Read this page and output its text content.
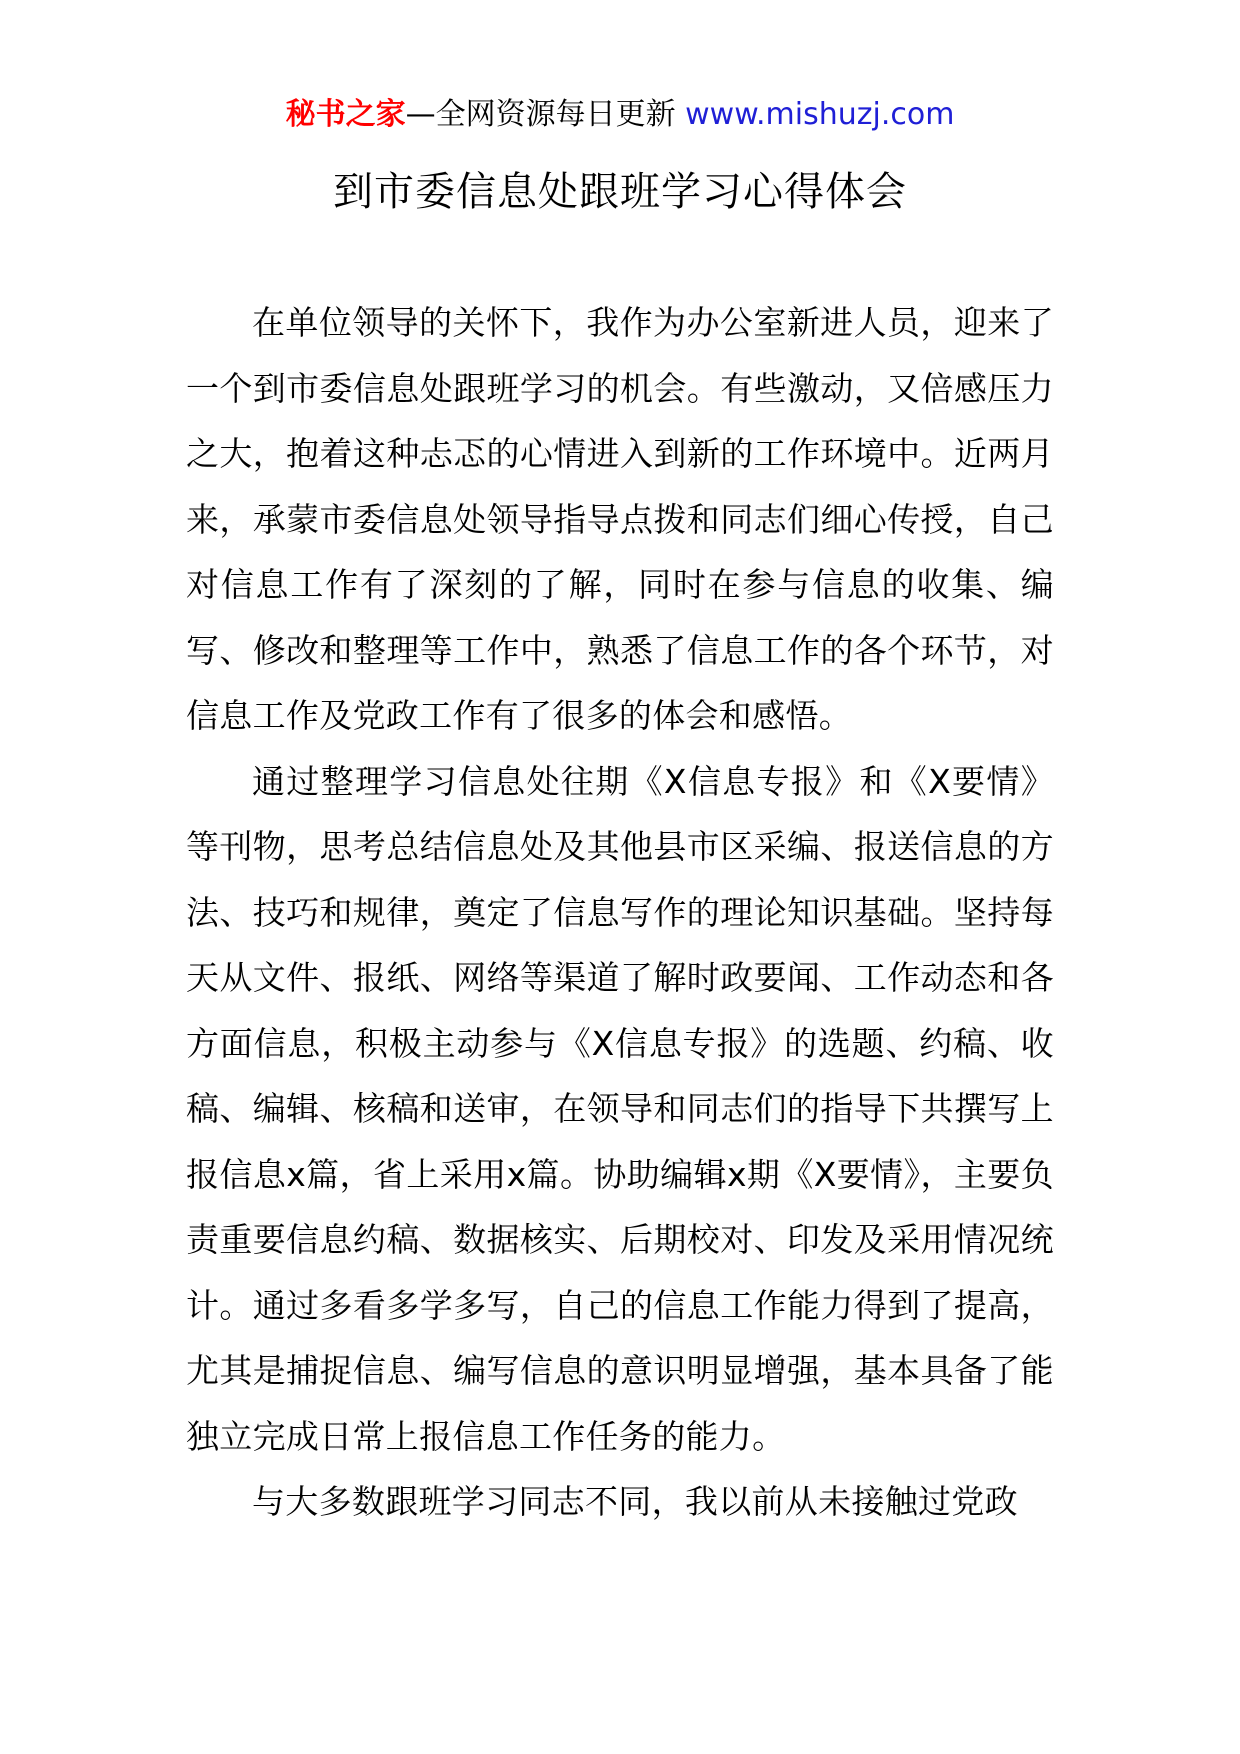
秘书之家—全网资源每日更新 www.mishuzj.com
到市委信息处跟班学习心得体会

在单位领导的关怀下，我作为办公室新进人员，迎来了一个到市委信息处跟班学习的机会。有些激动，又倍感压力之大，抱着这种忐忑的心情进入到新的工作环境中。近两月来，承蒙市委信息处领导指导点拨和同志们细心传授，自己对信息工作有了深刻的了解，同时在参与信息的收集、编写、修改和整理等工作中，熟悉了信息工作的各个环节，对信息工作及党政工作有了很多的体会和感悟。

通过整理学习信息处往期《X信息专报》和《X要情》等刊物，思考总结信息处及其他县市区采编、报送信息的方法、技巧和规律，奠定了信息写作的理论知识基础。坚持每天从文件、报纸、网络等渠道了解时政要闻、工作动态和各方面信息，积极主动参与《X信息专报》的选题、约稿、收稿、编辑、核稿和送审，在领导和同志们的指导下共撰写上报信息x篇，省上采用x篇。协助编辑x期《X要情》，主要负责重要信息约稿、数据核实、后期校对、印发及采用情况统计。通过多看多学多写，自己的信息工作能力得到了提高，尤其是捕捉信息、编写信息的意识明显增强，基本具备了能独立完成日常上报信息工作任务的能力。

与大多数跟班学习同志不同，我以前从未接触过党政
